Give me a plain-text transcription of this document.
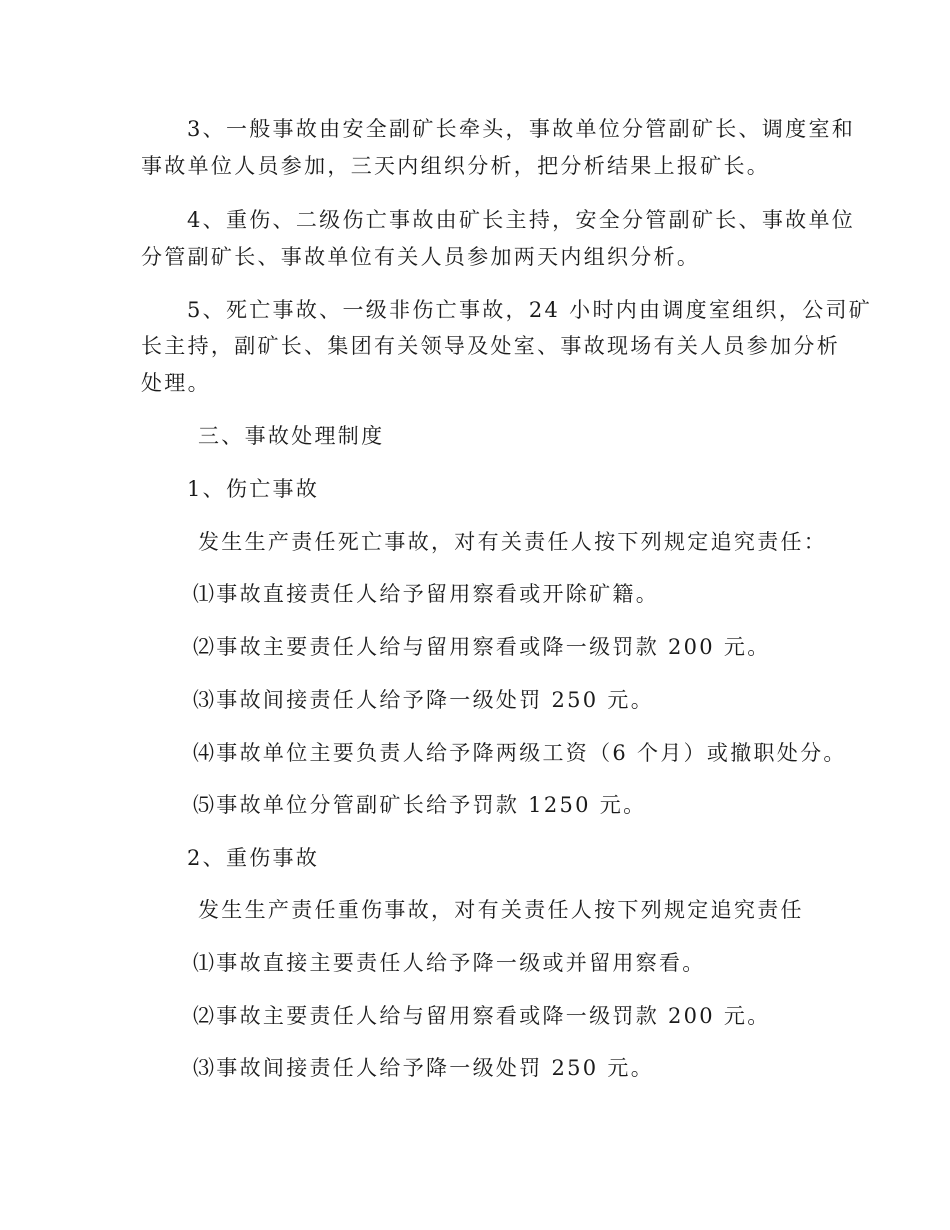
3、一般事故由安全副矿长牵头，事故单位分管副矿长、调度室和

事故单位人员参加，三天内组织分析，把分析结果上报矿长。

4、重伤、二级伤亡事故由矿长主持，安全分管副矿长、事故单位

分管副矿长、事故单位有关人员参加两天内组织分析。

5、死亡事故、一级非伤亡事故，24 小时内由调度室组织，公司矿

长主持，副矿长、集团有关领导及处室、事故现场有关人员参加分析

处理。

三、事故处理制度

1、伤亡事故

发生生产责任死亡事故，对有关责任人按下列规定追究责任：

⑴事故直接责任人给予留用察看或开除矿籍。

⑵事故主要责任人给与留用察看或降一级罚款 200 元。

⑶事故间接责任人给予降一级处罚 250 元。

⑷事故单位主要负责人给予降两级工资（6 个月）或撤职处分。

⑸事故单位分管副矿长给予罚款 1250 元。

2、重伤事故

发生生产责任重伤事故，对有关责任人按下列规定追究责任

⑴事故直接主要责任人给予降一级或并留用察看。

⑵事故主要责任人给与留用察看或降一级罚款 200 元。

⑶事故间接责任人给予降一级处罚 250 元。
